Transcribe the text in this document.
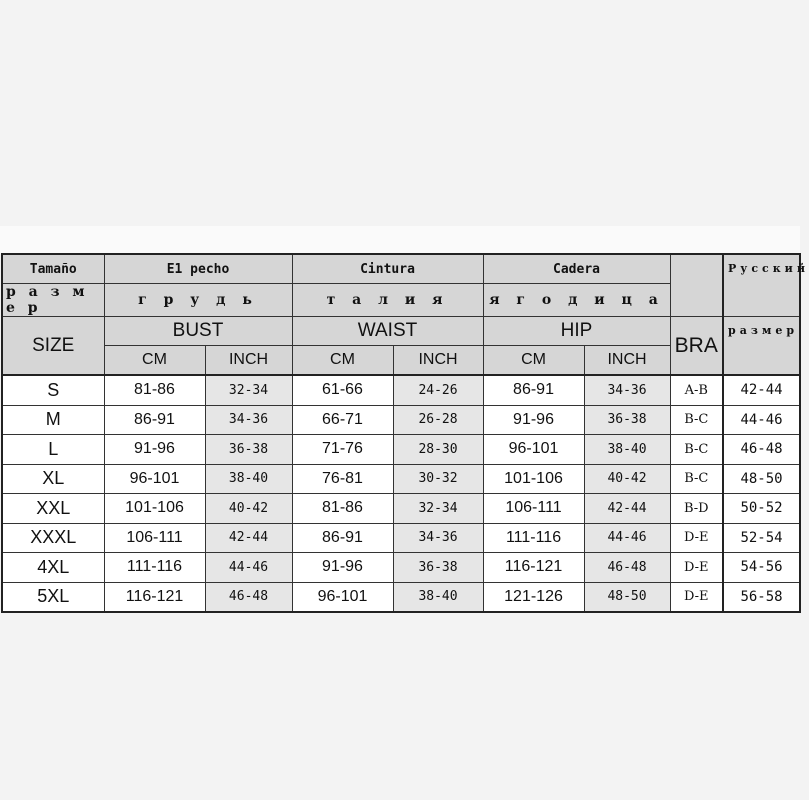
Tamaño	E1 pecho		Cintura		Cadera			Русский
р а з м е р	г р у д ь		т а л и я		я г о д и ц а			
SIZE	BUST		WAIST		HIP		BRA	размер
	CM	INCH	CM	INCH	CM	INCH		
S	81-86	32-34	61-66	24-26	86-91	34-36	A-B	42-44
M	86-91	34-36	66-71	26-28	91-96	36-38	B-C	44-46
L	91-96	36-38	71-76	28-30	96-101	38-40	B-C	46-48
XL	96-101	38-40	76-81	30-32	101-106	40-42	B-C	48-50
XXL	101-106	40-42	81-86	32-34	106-111	42-44	B-D	50-52
XXXL	106-111	42-44	86-91	34-36	111-116	44-46	D-E	52-54
4XL	111-116	44-46	91-96	36-38	116-121	46-48	D-E	54-56
5XL	116-121	46-48	96-101	38-40	121-126	48-50	D-E	56-58
